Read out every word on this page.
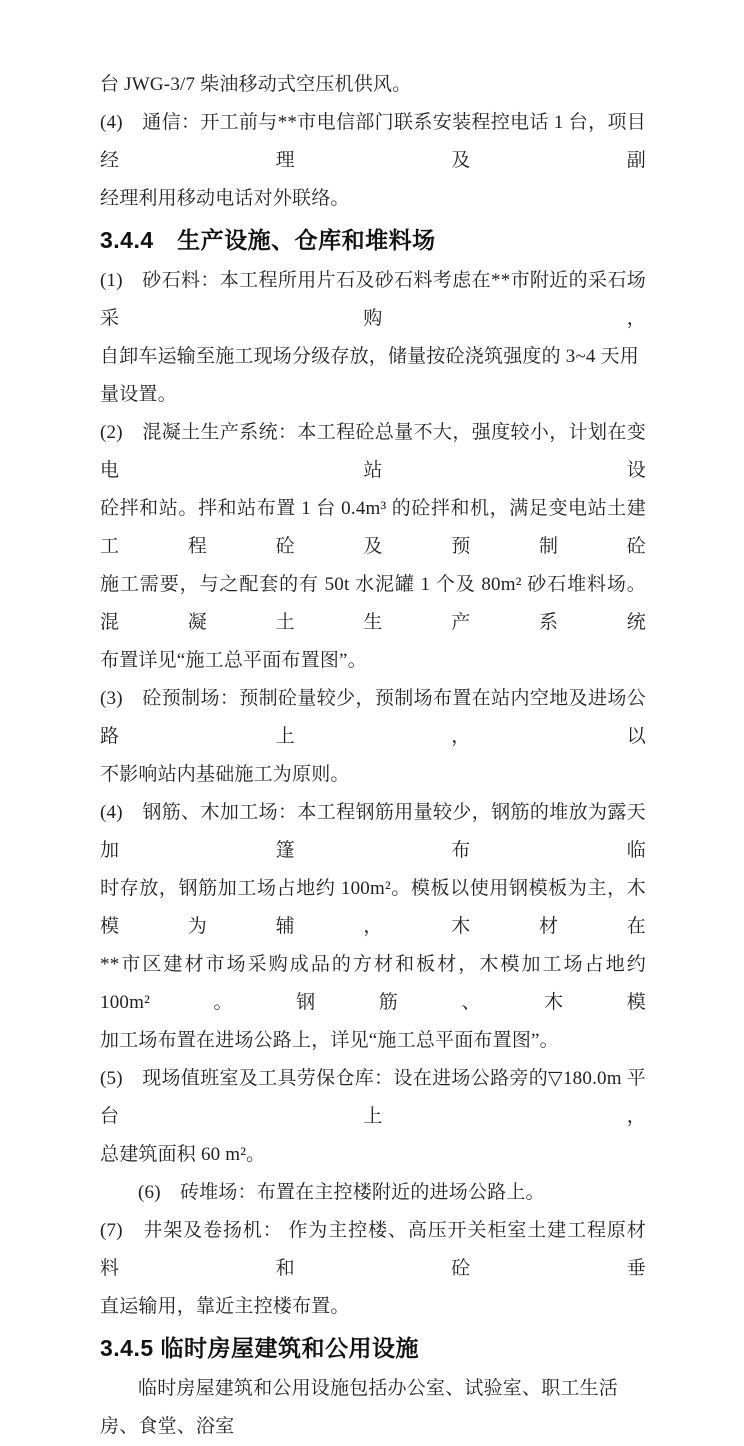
台 JWG-3/7 柴油移动式空压机供风。

(4)　通信：开工前与**市电信部门联系安装程控电话 1 台，项目经理及副

经理利用移动电话对外联络。

3.4.4　生产设施、仓库和堆料场

(1)　砂石料：本工程所用片石及砂石料考虑在**市附近的采石场采购，

自卸车运输至施工现场分级存放，储量按砼浇筑强度的 3~4 天用量设置。

(2)　混凝土生产系统：本工程砼总量不大，强度较小，计划在变电站设

砼拌和站。拌和站布置 1 台 0.4m³ 的砼拌和机，满足变电站土建工程砼及预制砼

施工需要，与之配套的有 50t 水泥罐 1 个及 80m² 砂石堆料场。混凝土生产系统

布置详见“施工总平面布置图”。

(3)　砼预制场：预制砼量较少，预制场布置在站内空地及进场公路上，以

不影响站内基础施工为原则。

(4)　钢筋、木加工场：本工程钢筋用量较少，钢筋的堆放为露天加篷布临

时存放，钢筋加工场占地约 100m²。模板以使用钢模板为主，木模为辅，木材在

**市区建材市场采购成品的方材和板材，木模加工场占地约 100m²。钢筋、木模

加工场布置在进场公路上，详见“施工总平面布置图”。

(5)　现场值班室及工具劳保仓库：设在进场公路旁的▽180.0m 平台上，

总建筑面积 60 m²。

(6)　砖堆场：布置在主控楼附近的进场公路上。

(7)　井架及卷扬机： 作为主控楼、高压开关柜室土建工程原材料和砼垂

直运输用，靠近主控楼布置。

3.4.5 临时房屋建筑和公用设施

临时房屋建筑和公用设施包括办公室、试验室、职工生活房、食堂、浴室
